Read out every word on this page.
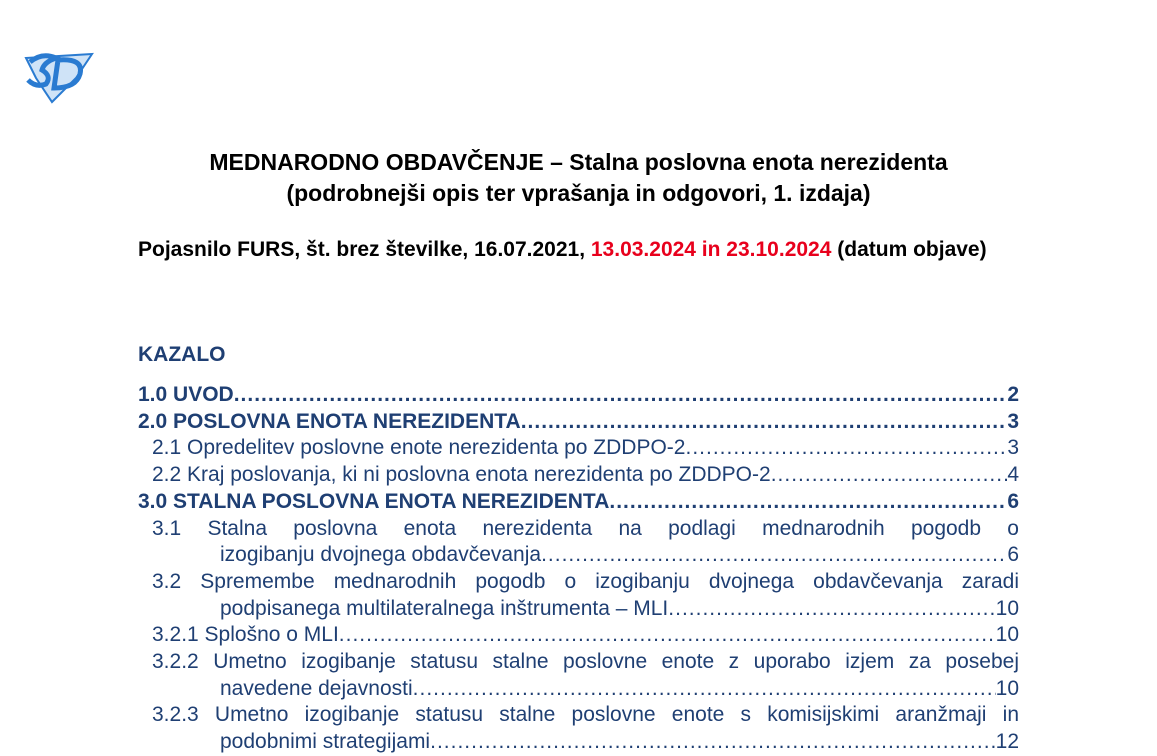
MEDNARODNO OBDAVČENJE – Stalna poslovna enota nerezidenta
(podrobnejši opis ter vprašanja in odgovori, 1. izdaja)
Pojasnilo FURS, št. brez številke, 16.07.2021, 13.03.2024 in 23.10.2024 (datum objave)
KAZALO
1.0 UVOD .....	2
2.0 POSLOVNA ENOTA NEREZIDENTA .....	3
2.1 Opredelitev poslovne enote nerezidenta po ZDDPO-2 .....	3
2.2 Kraj poslovanja, ki ni poslovna enota nerezidenta po ZDDPO-2 .....	4
3.0 STALNA POSLOVNA ENOTA NEREZIDENTA .....	6
3.1 Stalna poslovna enota nerezidenta na podlagi mednarodnih pogodb o
izogibanju dvojnega obdavčevanja .....	6
3.2 Spremembe mednarodnih pogodb o izogibanju dvojnega obdavčevanja zaradi
podpisanega multilateralnega inštrumenta – MLI .....	10
3.2.1 Splošno o MLI .....	10
3.2.2 Umetno izogibanje statusu stalne poslovne enote z uporabo izjem za posebej
navedene dejavnosti .....	10
3.2.3 Umetno izogibanje statusu stalne poslovne enote s komisijskimi aranžmaji in
podobnimi strategijami .....	12
